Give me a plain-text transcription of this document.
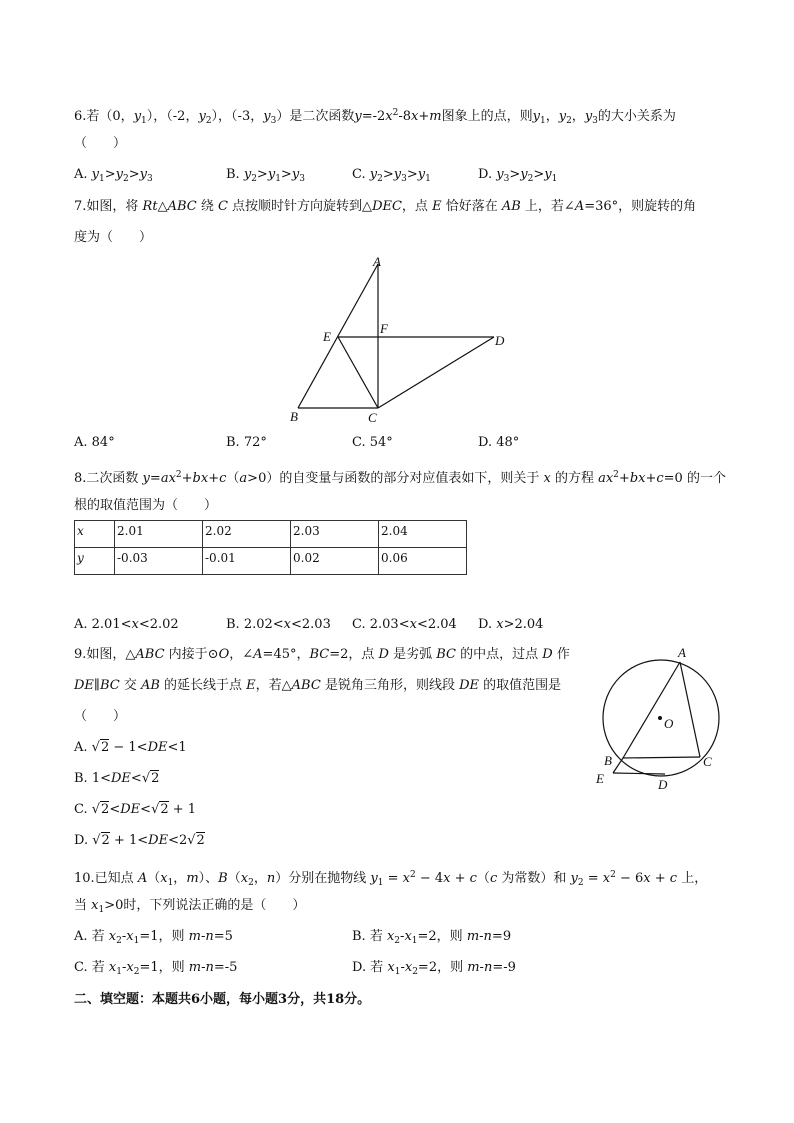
6.若（0，$y_1$），（-2，$y_2$），（-3，$y_3$）是二次函数$y=-2x^2-8x+m$图象上的点，则$y_1$，$y_2$，$y_3$的大小关系为
（　　）
A. $y_1>y_2>y_3$	B. $y_2>y_1>y_3$	C. $y_2>y_3>y_1$	D. $y_3>y_2>y_1$
7.如图，将 Rt△ABC 绕 C 点按顺时针方向旋转到△DEC，点 E 恰好落在 AB 上，若∠A=36°，则旋转的角
度为（　　）
A
B	C
D
E
F
A. 84°	B. 72°	C. 54°	D. 48°
8.二次函数 $y=ax^2+bx+c(a>0)$的自变量与函数的部分对应值表如下，则关于 x 的方程 $ax^2+bx+c=0$ 的一个
根的取值范围为（　　）
x	2.01	2.02	2.03	2.04
y	-0.03	-0.01	0.02	0.06
A. 2.01<x<2.02	B. 2.02<x<2.03 C. 2.03<x<2.04 D. x>2.04
9.如图，△ABC 内接于⊙O，∠A=45°，BC=2，点 D 是劣弧 BC 的中点，过点 D 作
DE∥BC 交 AB 的延长线于点 E，若△ABC 是锐角三角形，则线段 DE 的取值范围是
（　　）
A. √2 − 1<DE<1
B. 1<DE<√2
C. √2<DE<√2 + 1
D. √2 + 1<DE<2√2
A
O
B	C
E	D
10.已知点 $A(x_1$，m）、$B(x_2$，n）分别在抛物线 $y_1 = x^2 - 4x + c(c$ 为常数）和 $y_2 = x^2 - 6x + c$ 上，
当 $x_1>0$时，下列说法正确的是（　　）
A. 若 $x_2-x_1=1$，则 m-n=5	B. 若 $x_2-x_1=2$，则 m-n=9
C. 若 $x_1-x_2=1$，则 m-n=-5	D. 若 $x_1-x_2=2$，则 m-n=-9
二、填空题：本题共6小题，每小题3分，共18分。
